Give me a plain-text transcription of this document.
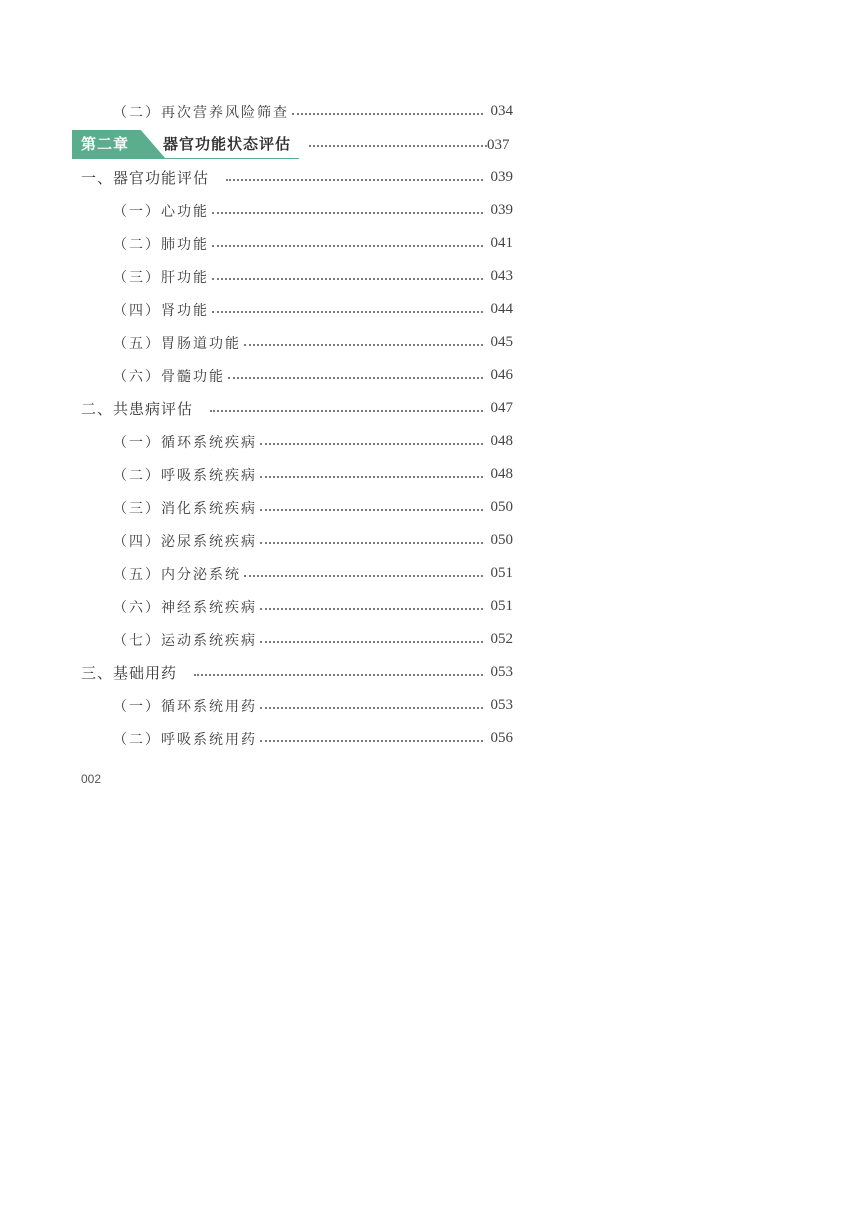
（二）再次营养风险筛查	034
第二章 器官功能状态评估	037
一、器官功能评估	039
（一）心功能	039
（二）肺功能	041
（三）肝功能	043
（四）肾功能	044
（五）胃肠道功能	045
（六）骨髓功能	046
二、共患病评估	047
（一）循环系统疾病	048
（二）呼吸系统疾病	048
（三）消化系统疾病	050
（四）泌尿系统疾病	050
（五）内分泌系统	051
（六）神经系统疾病	051
（七）运动系统疾病	052
三、基础用药	053
（一）循环系统用药	053
（二）呼吸系统用药	056
002
